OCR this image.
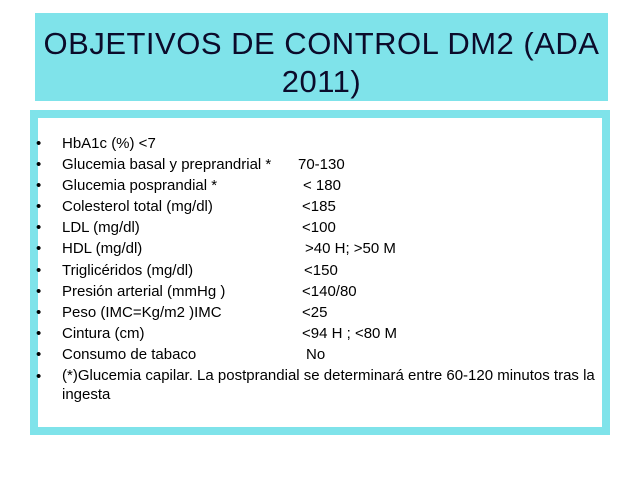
OBJETIVOS DE CONTROL DM2 (ADA 2011)
•	HbA1c (%) <7
•	Glucemia basal y preprandrial * 70-130
•	Glucemia posprandial *	< 180
•	Colesterol total (mg/dl)	<185
•	LDL (mg/dl)	<100
•	HDL (mg/dl)	>40 H; >50 M
•	Triglicéridos (mg/dl)	<150
•	Presión arterial (mmHg )	<140/80
•	Peso (IMC=Kg/m2 )IMC	<25
•	Cintura (cm)	<94 H ; <80 M
•	Consumo de tabaco	No
•	(*)Glucemia capilar. La postprandial se determinará entre 60-120 minutos tras la ingesta
